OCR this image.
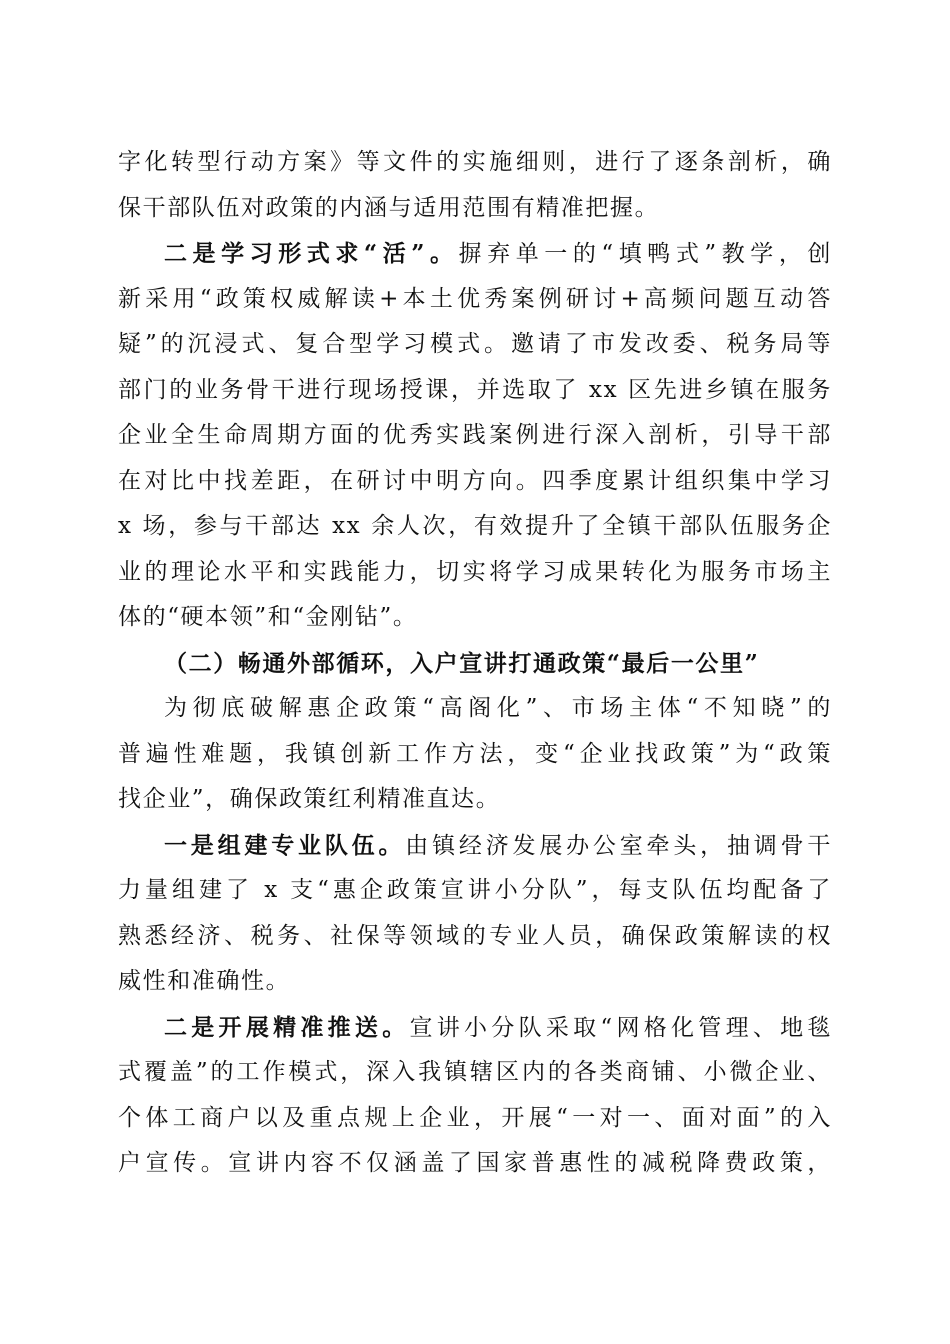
字化转型行动方案》等文件的实施细则，进行了逐条剖析，确
保干部队伍对政策的内涵与适用范围有精准把握。
二是学习形式求“活”。摒弃单一的“填鸭式”教学，创
新采用“政策权威解读+本土优秀案例研讨+高频问题互动答
疑”的沉浸式、复合型学习模式。邀请了市发改委、税务局等
部门的业务骨干进行现场授课，并选取了 xx 区先进乡镇在服务
企业全生命周期方面的优秀实践案例进行深入剖析，引导干部
在对比中找差距，在研讨中明方向。四季度累计组织集中学习
x 场，参与干部达 xx 余人次，有效提升了全镇干部队伍服务企
业的理论水平和实践能力，切实将学习成果转化为服务市场主
体的“硬本领”和“金刚钻”。
（二）畅通外部循环，入户宣讲打通政策“最后一公里”
为彻底破解惠企政策“高阁化”、市场主体“不知晓”的
普遍性难题，我镇创新工作方法，变“企业找政策”为“政策
找企业”，确保政策红利精准直达。
一是组建专业队伍。由镇经济发展办公室牵头，抽调骨干
力量组建了 x 支“惠企政策宣讲小分队”，每支队伍均配备了
熟悉经济、税务、社保等领域的专业人员，确保政策解读的权
威性和准确性。
二是开展精准推送。宣讲小分队采取“网格化管理、地毯
式覆盖”的工作模式，深入我镇辖区内的各类商铺、小微企业、
个体工商户以及重点规上企业，开展“一对一、面对面”的入
户宣传。宣讲内容不仅涵盖了国家普惠性的减税降费政策，
